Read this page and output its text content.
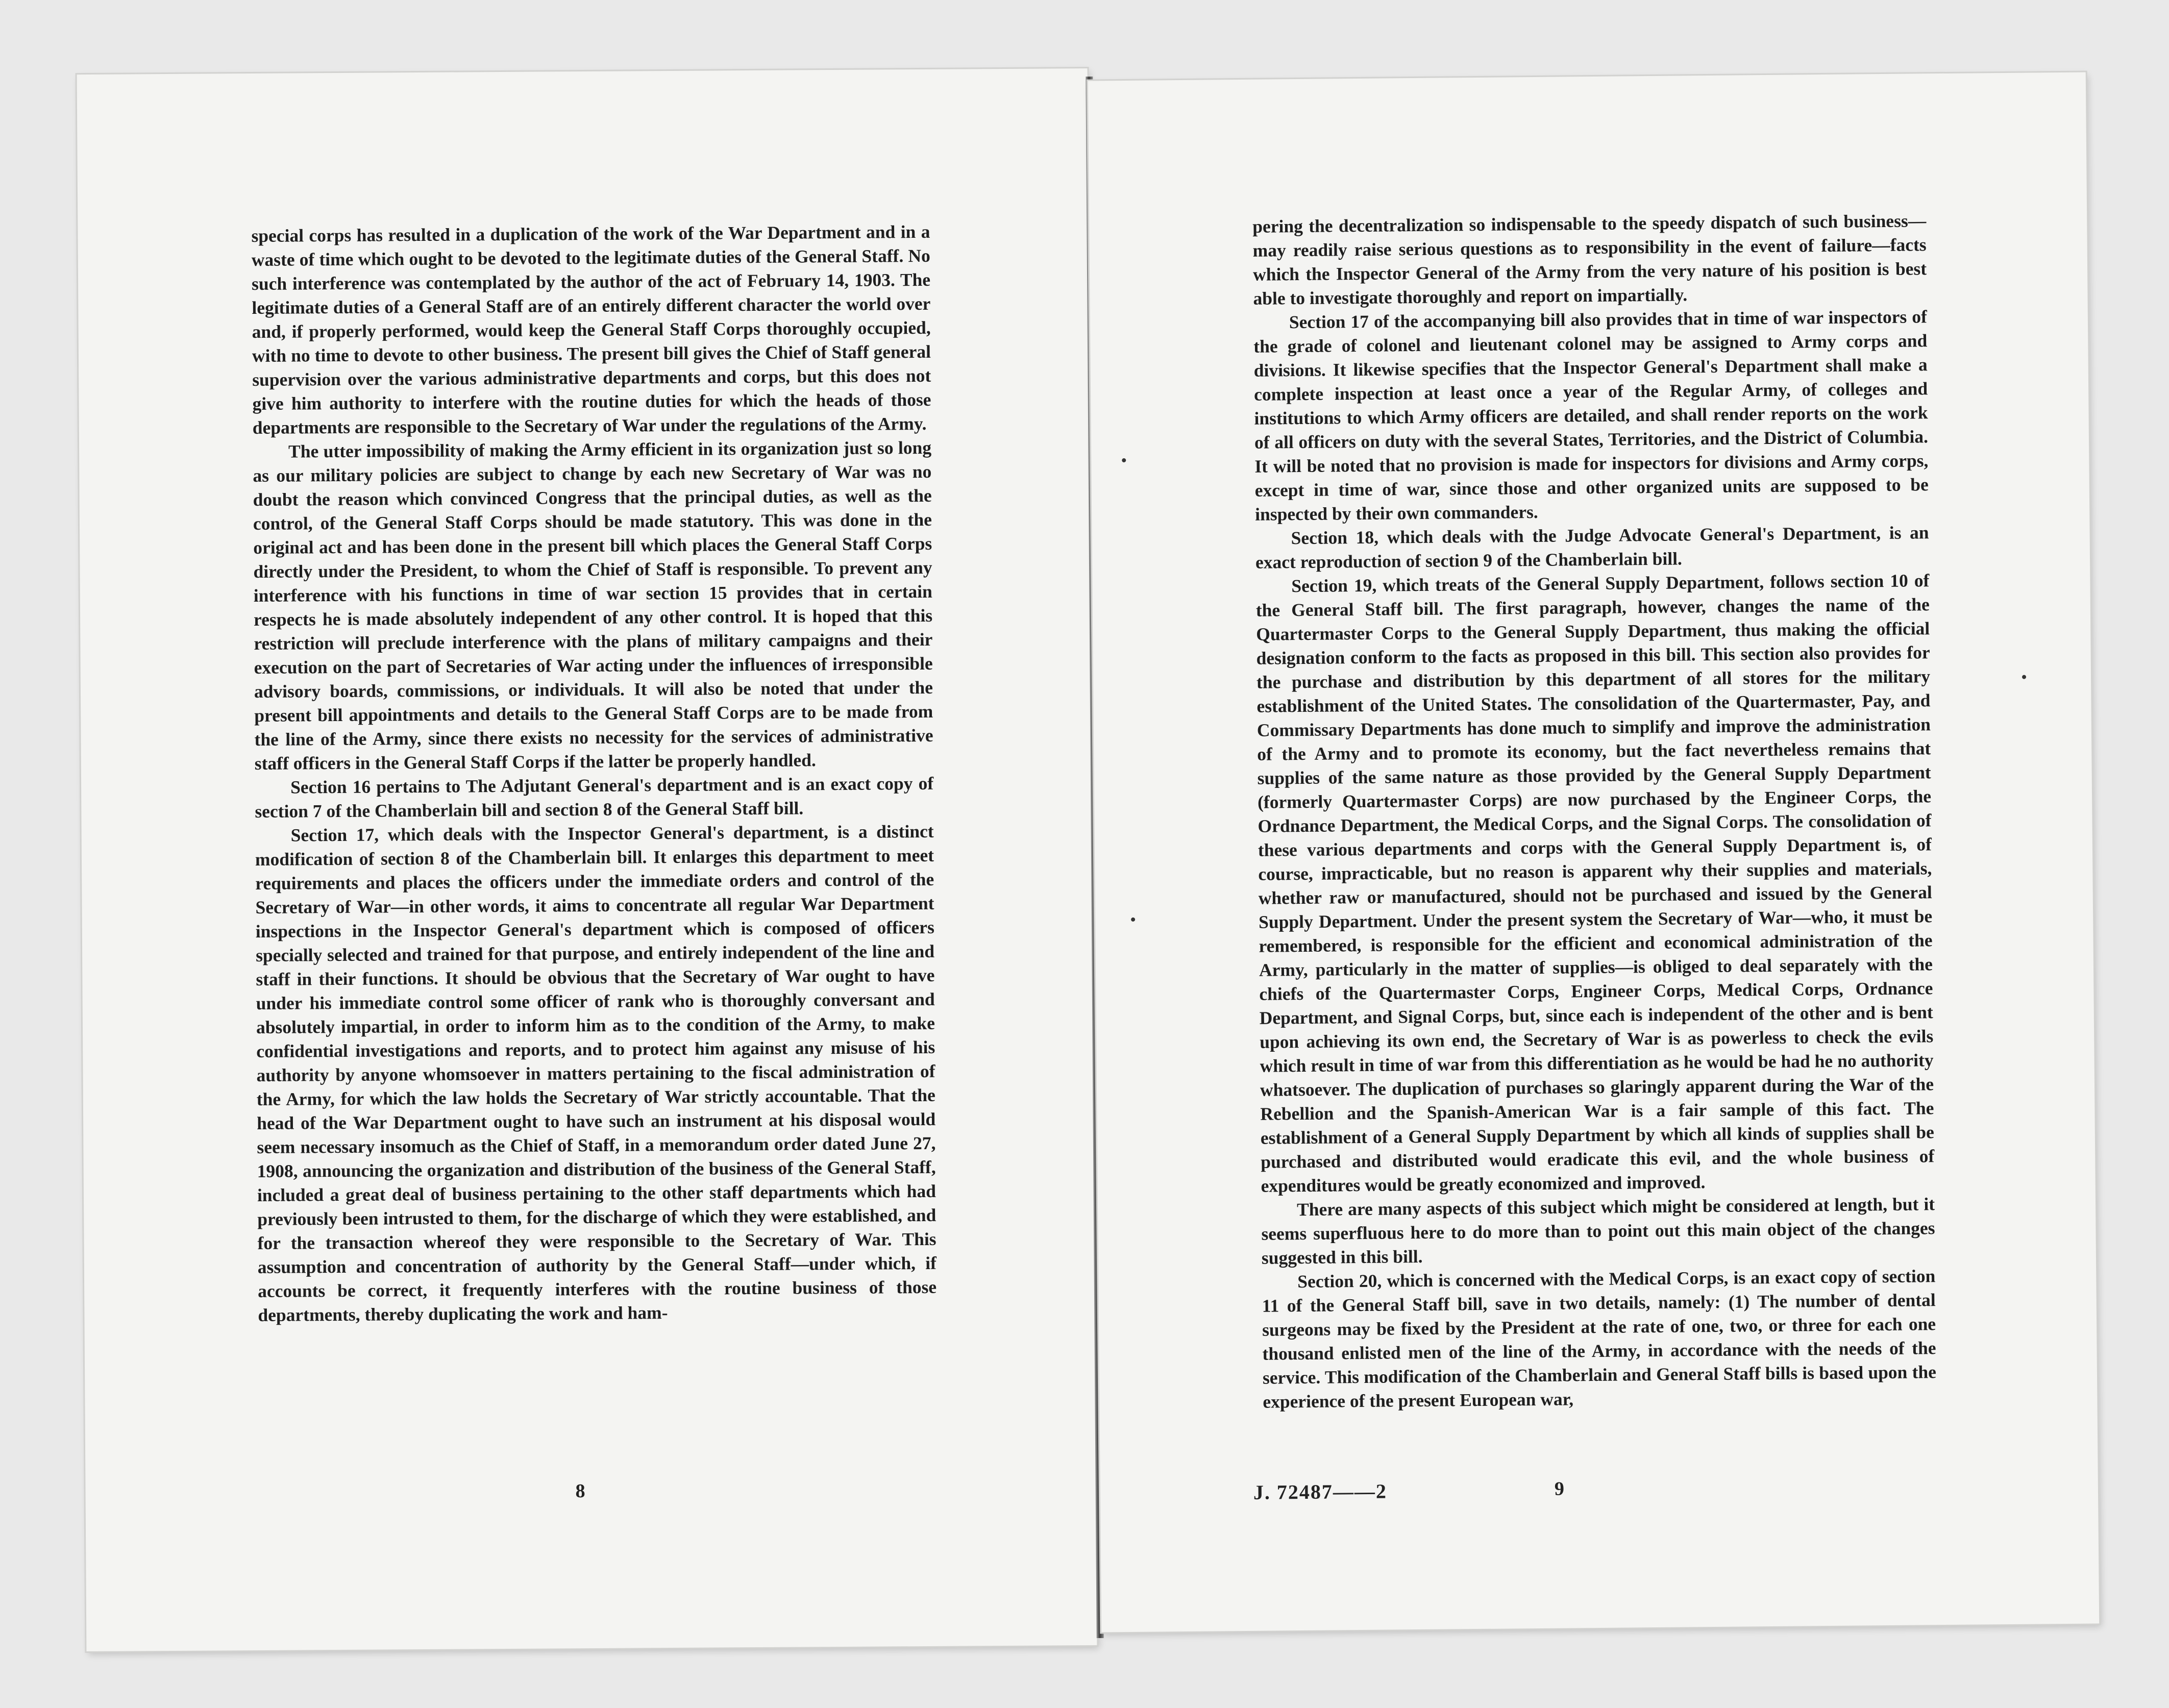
special corps has resulted in a duplication of the work of the War Department and in a waste of time which ought to be devoted to the legitimate duties of the General Staff. No such interference was contemplated by the author of the act of February 14, 1903. The legitimate duties of a General Staff are of an entirely different character the world over and, if properly performed, would keep the General Staff Corps thoroughly occupied, with no time to devote to other business. The present bill gives the Chief of Staff general supervision over the various administrative departments and corps, but this does not give him authority to interfere with the routine duties for which the heads of those departments are responsible to the Secretary of War under the regulations of the Army.

The utter impossibility of making the Army efficient in its organization just so long as our military policies are subject to change by each new Secretary of War was no doubt the reason which convinced Congress that the principal duties, as well as the control, of the General Staff Corps should be made statutory. This was done in the original act and has been done in the present bill which places the General Staff Corps directly under the President, to whom the Chief of Staff is responsible. To prevent any interference with his functions in time of war section 15 provides that in certain respects he is made absolutely independent of any other control. It is hoped that this restriction will preclude interference with the plans of military campaigns and their execution on the part of Secretaries of War acting under the influences of irresponsible advisory boards, commissions, or individuals. It will also be noted that under the present bill appointments and details to the General Staff Corps are to be made from the line of the Army, since there exists no necessity for the services of administrative staff officers in the General Staff Corps if the latter be properly handled.

Section 16 pertains to The Adjutant General's department and is an exact copy of section 7 of the Chamberlain bill and section 8 of the General Staff bill.

Section 17, which deals with the Inspector General's department, is a distinct modification of section 8 of the Chamberlain bill. It enlarges this department to meet requirements and places the officers under the immediate orders and control of the Secretary of War—in other words, it aims to concentrate all regular War Department inspections in the Inspector General's department which is composed of officers specially selected and trained for that purpose, and entirely independent of the line and staff in their functions. It should be obvious that the Secretary of War ought to have under his immediate control some officer of rank who is thoroughly conversant and absolutely impartial, in order to inform him as to the condition of the Army, to make confidential investigations and reports, and to protect him against any misuse of his authority by anyone whomsoever in matters pertaining to the fiscal administration of the Army, for which the law holds the Secretary of War strictly accountable. That the head of the War Department ought to have such an instrument at his disposal would seem necessary insomuch as the Chief of Staff, in a memorandum order dated June 27, 1908, announcing the organization and distribution of the business of the General Staff, included a great deal of business pertaining to the other staff departments which had previously been intrusted to them, for the discharge of which they were established, and for the transaction whereof they were responsible to the Secretary of War. This assumption and concentration of authority by the General Staff—under which, if accounts be correct, it frequently interferes with the routine business of those departments, thereby duplicating the work and ham-

8

pering the decentralization so indispensable to the speedy dispatch of such business—may readily raise serious questions as to responsibility in the event of failure—facts which the Inspector General of the Army from the very nature of his position is best able to investigate thoroughly and report on impartially.

Section 17 of the accompanying bill also provides that in time of war inspectors of the grade of colonel and lieutenant colonel may be assigned to Army corps and divisions. It likewise specifies that the Inspector General's Department shall make a complete inspection at least once a year of the Regular Army, of colleges and institutions to which Army officers are detailed, and shall render reports on the work of all officers on duty with the several States, Territories, and the District of Columbia. It will be noted that no provision is made for inspectors for divisions and Army corps, except in time of war, since those and other organized units are supposed to be inspected by their own commanders.

Section 18, which deals with the Judge Advocate General's Department, is an exact reproduction of section 9 of the Chamberlain bill.

Section 19, which treats of the General Supply Department, follows section 10 of the General Staff bill. The first paragraph, however, changes the name of the Quartermaster Corps to the General Supply Department, thus making the official designation conform to the facts as proposed in this bill. This section also provides for the purchase and distribution by this department of all stores for the military establishment of the United States. The consolidation of the Quartermaster, Pay, and Commissary Departments has done much to simplify and improve the administration of the Army and to promote its economy, but the fact nevertheless remains that supplies of the same nature as those provided by the General Supply Department (formerly Quartermaster Corps) are now purchased by the Engineer Corps, the Ordnance Department, the Medical Corps, and the Signal Corps. The consolidation of these various departments and corps with the General Supply Department is, of course, impracticable, but no reason is apparent why their supplies and materials, whether raw or manufactured, should not be purchased and issued by the General Supply Department. Under the present system the Secretary of War—who, it must be remembered, is responsible for the efficient and economical administration of the Army, particularly in the matter of supplies—is obliged to deal separately with the chiefs of the Quartermaster Corps, Engineer Corps, Medical Corps, Ordnance Department, and Signal Corps, but, since each is independent of the other and is bent upon achieving its own end, the Secretary of War is as powerless to check the evils which result in time of war from this differentiation as he would be had he no authority whatsoever. The duplication of purchases so glaringly apparent during the War of the Rebellion and the Spanish-American War is a fair sample of this fact. The establishment of a General Supply Department by which all kinds of supplies shall be purchased and distributed would eradicate this evil, and the whole business of expenditures would be greatly economized and improved.

There are many aspects of this subject which might be considered at length, but it seems superfluous here to do more than to point out this main object of the changes suggested in this bill.

Section 20, which is concerned with the Medical Corps, is an exact copy of section 11 of the General Staff bill, save in two details, namely: (1) The number of dental surgeons may be fixed by the President at the rate of one, two, or three for each one thousand enlisted men of the line of the Army, in accordance with the needs of the service. This modification of the Chamberlain and General Staff bills is based upon the experience of the present European war,

J. 72487——2	9
